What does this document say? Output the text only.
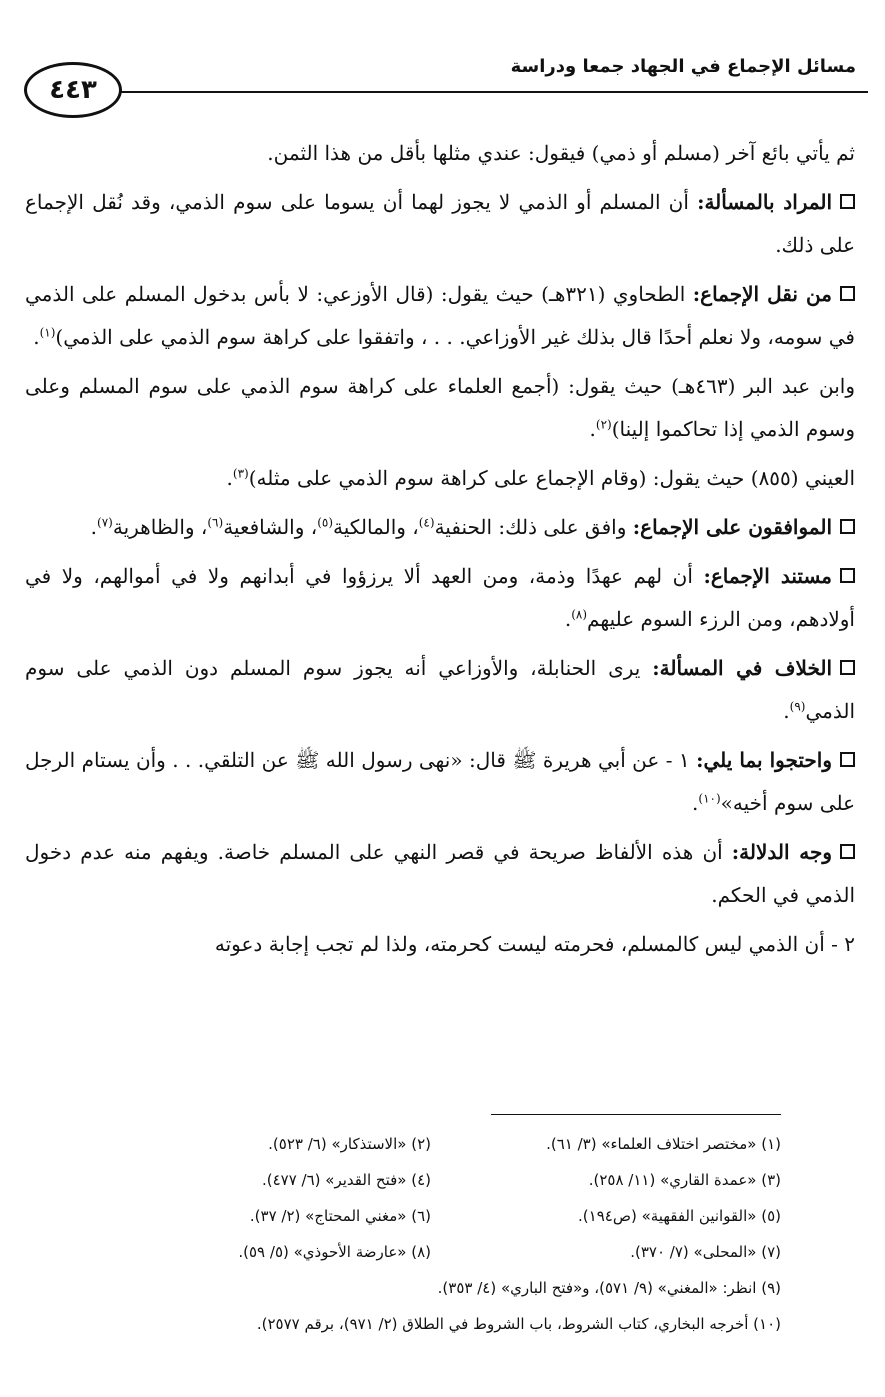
مسائل الإجماع في الجهاد جمعا ودراسة
٤٤٣

ثم يأتي بائع آخر (مسلم أو ذمي) فيقول: عندي مثلها بأقل من هذا الثمن.

المراد بالمسألة: أن المسلم أو الذمي لا يجوز لهما أن يسوما على سوم الذمي، وقد نُقل الإجماع على ذلك.

من نقل الإجماع: الطحاوي (٣٢١هـ) حيث يقول: (قال الأوزعي: لا بأس بدخول المسلم على الذمي في سومه، ولا نعلم أحدًا قال بذلك غير الأوزاعي. . . ، واتفقوا على كراهة سوم الذمي على الذمي)$^{(١)}$.

وابن عبد البر (٤٦٣هـ) حيث يقول: (أجمع العلماء على كراهة سوم الذمي على سوم المسلم وعلى وسوم الذمي إذا تحاكموا إلينا)$^{(٢)}$.

العيني (٨٥٥) حيث يقول: (وقام الإجماع على كراهة سوم الذمي على مثله)$^{(٣)}$.

الموافقون على الإجماع: وافق على ذلك: الحنفية$^{(٤)}$، والمالكية$^{(٥)}$، والشافعية$^{(٦)}$، والظاهرية$^{(٧)}$.

مستند الإجماع: أن لهم عهدًا وذمة، ومن العهد ألا يرزؤوا في أبدانهم ولا في أموالهم، ولا في أولادهم، ومن الرزء السوم عليهم$^{(٨)}$.

الخلاف في المسألة: يرى الحنابلة، والأوزاعي أنه يجوز سوم المسلم دون الذمي على سوم الذمي$^{(٩)}$.

واحتجوا بما يلي: ١ - عن أبي هريرة ﷺ قال: «نهى رسول الله ﷺ عن التلقي. . . وأن يستام الرجل على سوم أخيه»$^{(١٠)}$.

وجه الدلالة: أن هذه الألفاظ صريحة في قصر النهي على المسلم خاصة. ويفهم منه عدم دخول الذمي في الحكم.

٢ - أن الذمي ليس كالمسلم، فحرمته ليست كحرمته، ولذا لم تجب إجابة دعوته

(١) «مختصر اختلاف العلماء» (٣/ ٦١).
(٢) «الاستذكار» (٦/ ٥٢٣).
(٣) «عمدة القاري» (١١/ ٢٥٨).
(٤) «فتح القدير» (٦/ ٤٧٧).
(٥) «القوانين الفقهية» (ص١٩٤).
(٦) «مغني المحتاج» (٢/ ٣٧).
(٧) «المحلى» (٧/ ٣٧٠).
(٨) «عارضة الأحوذي» (٥/ ٥٩).
(٩) انظر: «المغني» (٩/ ٥٧١)، و«فتح الباري» (٤/ ٣٥٣).
(١٠) أخرجه البخاري، كتاب الشروط، باب الشروط في الطلاق (٢/ ٩٧١)، برقم ٢٥٧٧).
